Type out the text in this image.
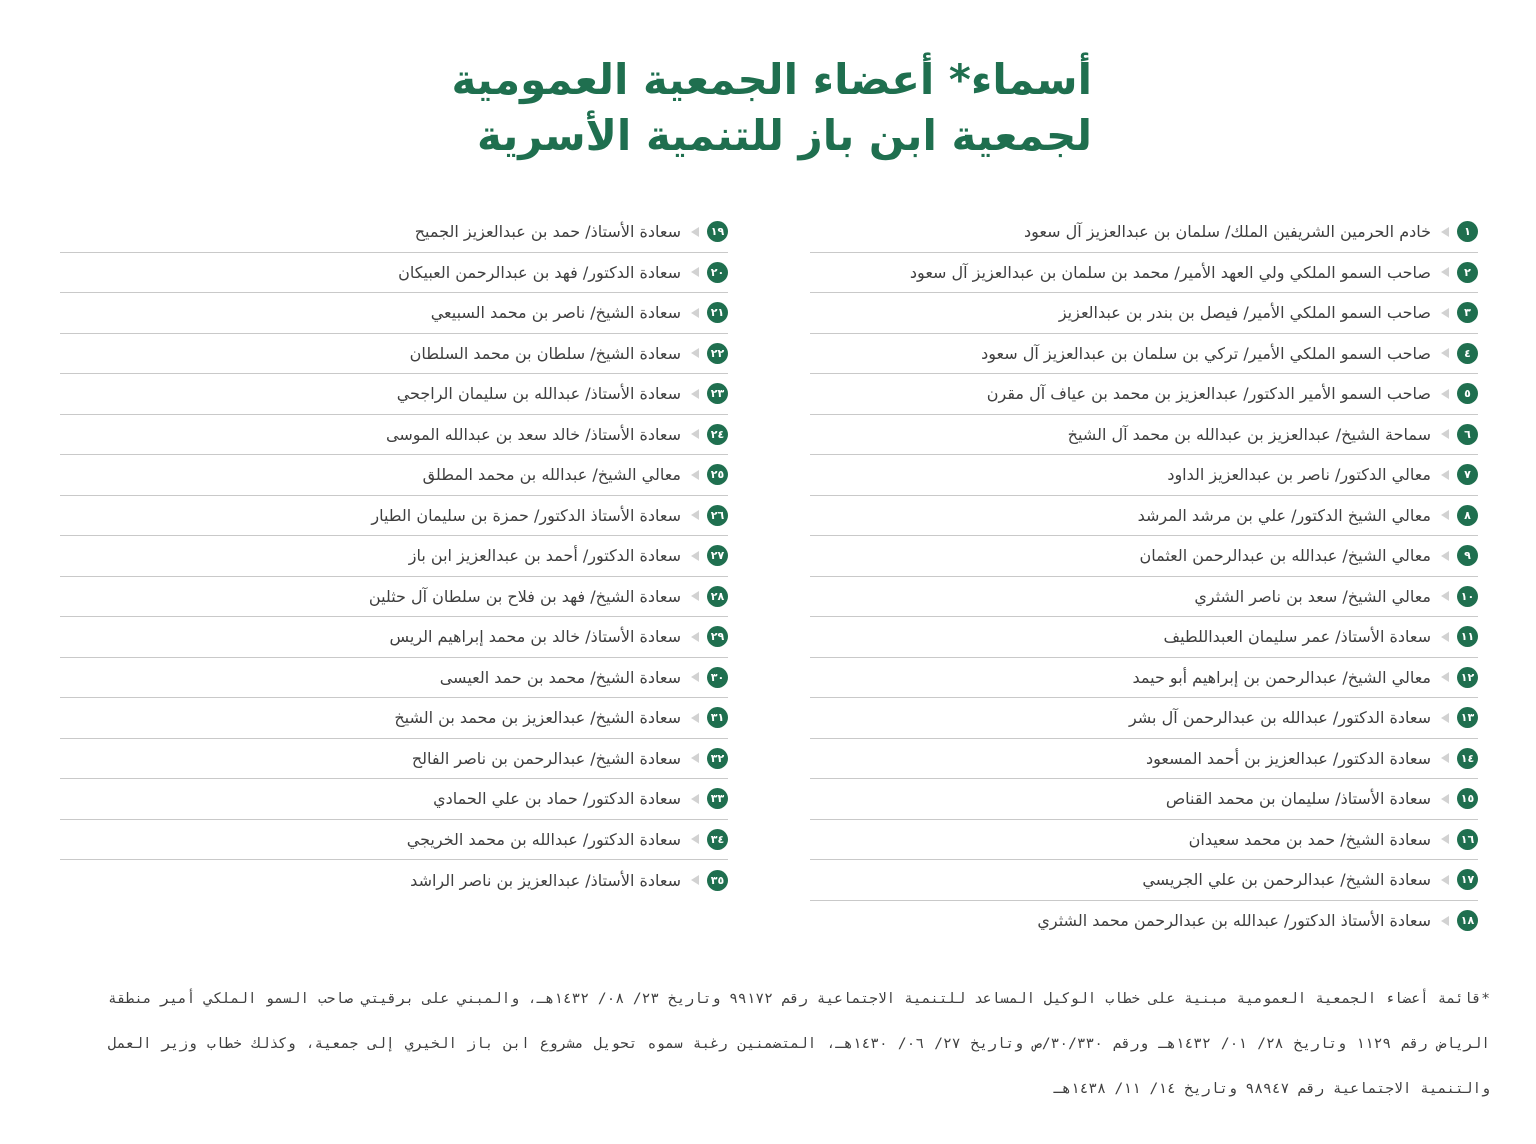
أسماء* أعضاء الجمعية العمومية
لجمعية ابن باز للتنمية الأسرية
١
خادم الحرمين الشريفين الملك/ سلمان بن عبدالعزيز آل سعود
٢
صاحب السمو الملكي ولي العهد الأمير/ محمد بن سلمان بن عبدالعزيز آل سعود
٣
صاحب السمو الملكي الأمير/ فيصل بن بندر بن عبدالعزيز
٤
صاحب السمو الملكي الأمير/ تركي بن سلمان بن عبدالعزيز آل سعود
٥
صاحب السمو الأمير الدكتور/ عبدالعزيز بن محمد بن عياف آل مقرن
٦
سماحة الشيخ/ عبدالعزيز بن عبدالله بن محمد آل الشيخ
٧
معالي الدكتور/ ناصر بن عبدالعزيز الداود
٨
معالي الشيخ الدكتور/ علي بن مرشد المرشد
٩
معالي الشيخ/ عبدالله بن عبدالرحمن العثمان
١٠
معالي الشيخ/ سعد بن ناصر الشثري
١١
سعادة الأستاذ/ عمر سليمان العبداللطيف
١٢
معالي الشيخ/ عبدالرحمن بن إبراهيم أبو حيمد
١٣
سعادة الدكتور/ عبدالله بن عبدالرحمن آل بشر
١٤
سعادة الدكتور/ عبدالعزيز بن أحمد المسعود
١٥
سعادة الأستاذ/ سليمان بن محمد القناص
١٦
سعادة الشيخ/ حمد بن محمد سعيدان
١٧
سعادة الشيخ/ عبدالرحمن بن علي الجريسي
١٨
سعادة الأستاذ الدكتور/ عبدالله بن عبدالرحمن محمد الشثري
١٩
سعادة الأستاذ/ حمد بن عبدالعزيز الجميح
٢٠
سعادة الدكتور/ فهد بن عبدالرحمن العبيكان
٢١
سعادة الشيخ/ ناصر بن محمد السبيعي
٢٢
سعادة الشيخ/ سلطان بن محمد السلطان
٢٣
سعادة الأستاذ/ عبدالله بن سليمان الراجحي
٢٤
سعادة الأستاذ/ خالد سعد بن عبدالله الموسى
٢٥
معالي الشيخ/ عبدالله بن محمد المطلق
٢٦
سعادة الأستاذ الدكتور/ حمزة بن سليمان الطيار
٢٧
سعادة الدكتور/ أحمد بن عبدالعزيز ابن باز
٢٨
سعادة الشيخ/ فهد بن فلاح بن سلطان آل حثلين
٢٩
سعادة الأستاذ/ خالد بن محمد إبراهيم الريس
٣٠
سعادة الشيخ/ محمد بن حمد العيسى
٣١
سعادة الشيخ/ عبدالعزيز بن محمد بن الشيخ
٣٢
سعادة الشيخ/ عبدالرحمن بن ناصر الفالح
٣٣
سعادة الدكتور/ حماد بن علي الحمادي
٣٤
سعادة الدكتور/ عبدالله بن محمد الخريجي
٣٥
سعادة الأستاذ/ عبدالعزيز بن ناصر الراشد

*قائمة أعضاء الجمعية العمومية مبنية على خطاب الوكيل المساعد للتنمية الاجتماعية رقم ٩٩١٧٢ وتاريخ ٢٣/ ٠٨/ ١٤٣٢هـ، والمبني على برقيتي صاحب السمو الملكي أمير منطقة الرياض رقم ١١٢٩ وتاريخ ٢٨/ ٠١/ ١٤٣٢هـ ورقم ٣٠/٣٣٠/ص وتاريخ ٢٧/ ٠٦/ ١٤٣٠هـ، المتضمنين رغبة سموه تحويل مشروع ابن باز الخيري إلى جمعية، وكذلك خطاب وزير العمل والتنمية الاجتماعية رقم ٩٨٩٤٧ وتاريخ ١٤/ ١١/ ١٤٣٨هـ
